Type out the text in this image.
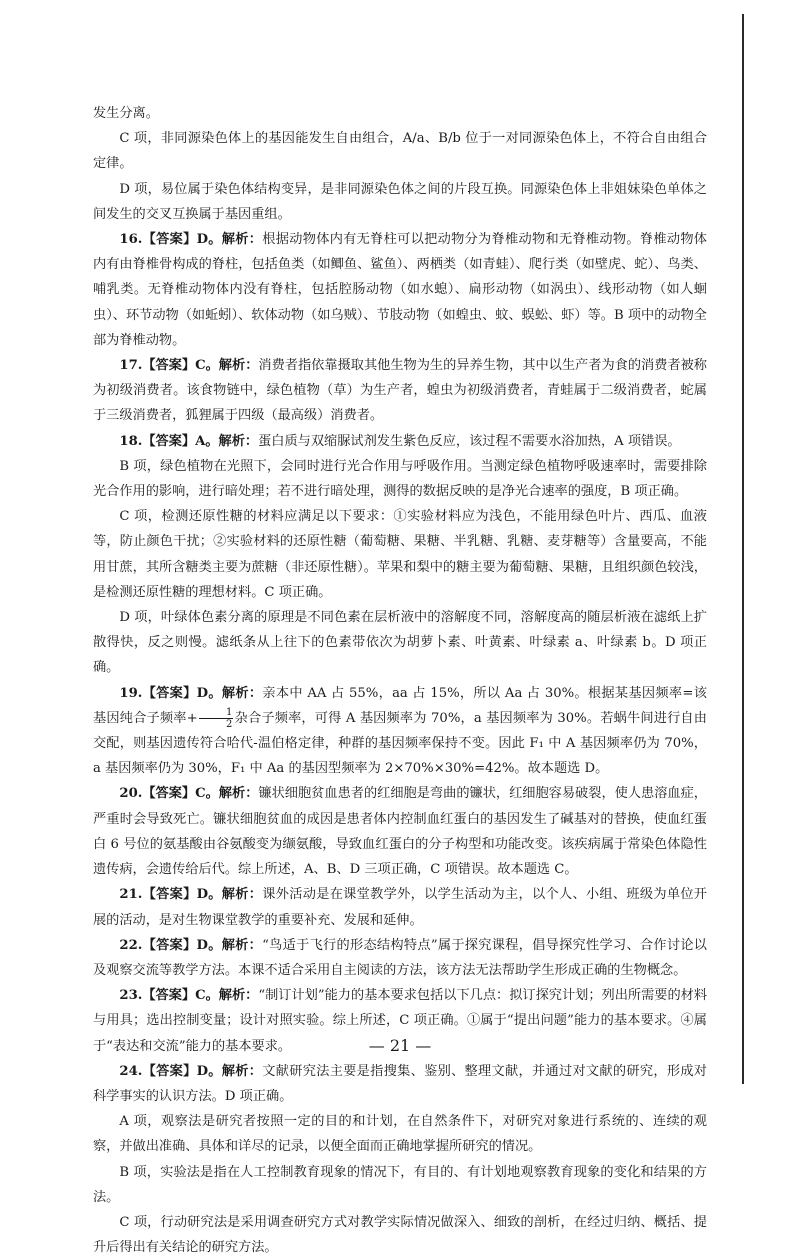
发生分离。

C 项，非同源染色体上的基因能发生自由组合，A/a、B/b 位于一对同源染色体上，不符合自由组合定律。

D 项，易位属于染色体结构变异，是非同源染色体之间的片段互换。同源染色体上非姐妹染色单体之间发生的交叉互换属于基因重组。

16.【答案】D。解析：根据动物体内有无脊柱可以把动物分为脊椎动物和无脊椎动物。脊椎动物体内有由脊椎骨构成的脊柱，包括鱼类（如鲫鱼、鲨鱼）、两栖类（如青蛙）、爬行类（如壁虎、蛇）、鸟类、哺乳类。无脊椎动物体内没有脊柱，包括腔肠动物（如水螅）、扁形动物（如涡虫）、线形动物（如人蛔虫）、环节动物（如蚯蚓）、软体动物（如乌贼）、节肢动物（如蝗虫、蚊、蜈蚣、虾）等。B 项中的动物全部为脊椎动物。

17.【答案】C。解析：消费者指依靠摄取其他生物为生的异养生物，其中以生产者为食的消费者被称为初级消费者。该食物链中，绿色植物（草）为生产者，蝗虫为初级消费者，青蛙属于二级消费者，蛇属于三级消费者，狐狸属于四级（最高级）消费者。

18.【答案】A。解析：蛋白质与双缩脲试剂发生紫色反应，该过程不需要水浴加热，A 项错误。

B 项，绿色植物在光照下，会同时进行光合作用与呼吸作用。当测定绿色植物呼吸速率时，需要排除光合作用的影响，进行暗处理；若不进行暗处理，测得的数据反映的是净光合速率的强度，B 项正确。

C 项，检测还原性糖的材料应满足以下要求：①实验材料应为浅色，不能用绿色叶片、西瓜、血液等，防止颜色干扰；②实验材料的还原性糖（葡萄糖、果糖、半乳糖、乳糖、麦芽糖等）含量要高，不能用甘蔗，其所含糖类主要为蔗糖（非还原性糖）。苹果和梨中的糖主要为葡萄糖、果糖，且组织颜色较浅，是检测还原性糖的理想材料。C 项正确。

D 项，叶绿体色素分离的原理是不同色素在层析液中的溶解度不同，溶解度高的随层析液在滤纸上扩散得快，反之则慢。滤纸条从上往下的色素带依次为胡萝卜素、叶黄素、叶绿素 a、叶绿素 b。D 项正确。

19.【答案】D。解析：亲本中 AA 占 55%，aa 占 15%，所以 Aa 占 30%。根据某基因频率=该基因纯合子频率+ $\frac{1}{2}$ 杂合子频率，可得 A 基因频率为 70%，a 基因频率为 30%。若蜗牛间进行自由交配，则基因遗传符合哈代-温伯格定律，种群的基因频率保持不变。因此 F₁ 中 A 基因频率仍为 70%，a 基因频率仍为 30%，F₁ 中 Aa 的基因型频率为 2×70%×30%=42%。故本题选 D。

20.【答案】C。解析：镰状细胞贫血患者的红细胞是弯曲的镰状，红细胞容易破裂，使人患溶血症，严重时会导致死亡。镰状细胞贫血的成因是患者体内控制血红蛋白的基因发生了碱基对的替换，使血红蛋白 6 号位的氨基酸由谷氨酸变为缬氨酸，导致血红蛋白的分子构型和功能改变。该疾病属于常染色体隐性遗传病，会遗传给后代。综上所述，A、B、D 三项正确，C 项错误。故本题选 C。

21.【答案】D。解析：课外活动是在课堂教学外，以学生活动为主，以个人、小组、班级为单位开展的活动，是对生物课堂教学的重要补充、发展和延伸。

22.【答案】D。解析：“鸟适于飞行的形态结构特点”属于探究课程，倡导探究性学习、合作讨论以及观察交流等教学方法。本课不适合采用自主阅读的方法，该方法无法帮助学生形成正确的生物概念。

23.【答案】C。解析：“制订计划”能力的基本要求包括以下几点：拟订探究计划；列出所需要的材料与用具；选出控制变量；设计对照实验。综上所述，C 项正确。①属于“提出问题”能力的基本要求。④属于“表达和交流”能力的基本要求。

24.【答案】D。解析：文献研究法主要是指搜集、鉴别、整理文献，并通过对文献的研究，形成对科学事实的认识方法。D 项正确。

A 项，观察法是研究者按照一定的目的和计划，在自然条件下，对研究对象进行系统的、连续的观察，并做出准确、具体和详尽的记录，以便全面而正确地掌握所研究的情况。

B 项，实验法是指在人工控制教育现象的情况下，有目的、有计划地观察教育现象的变化和结果的方法。

C 项，行动研究法是采用调查研究方式对教学实际情况做深入、细致的剖析，在经过归纳、概括、提升后得出有关结论的研究方法。

— 21 —
